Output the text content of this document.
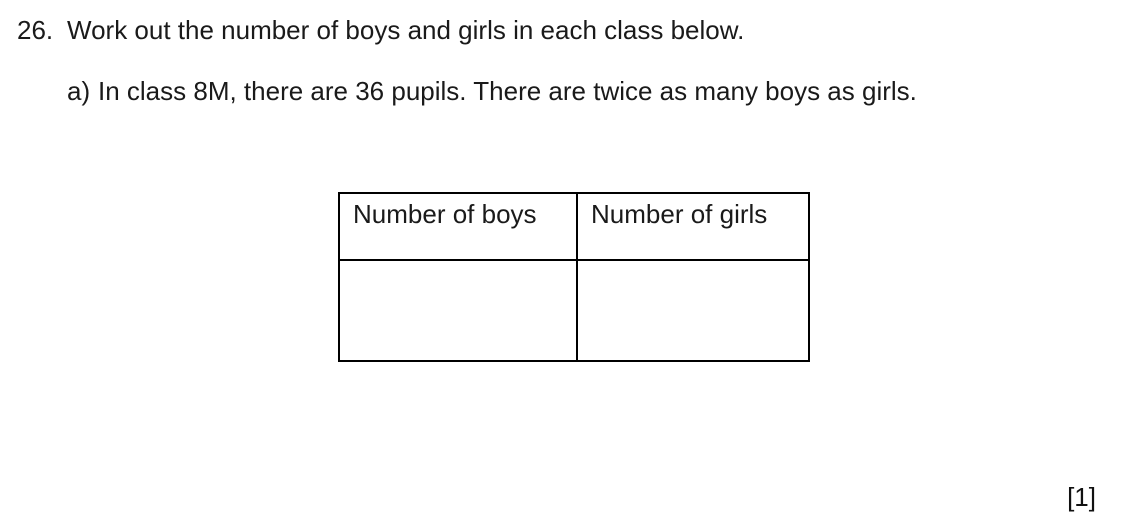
26. Work out the number of boys and girls in each class below.
a) In class 8M, there are 36 pupils. There are twice as many boys as girls.
Number of boys	Number of girls

[1]
